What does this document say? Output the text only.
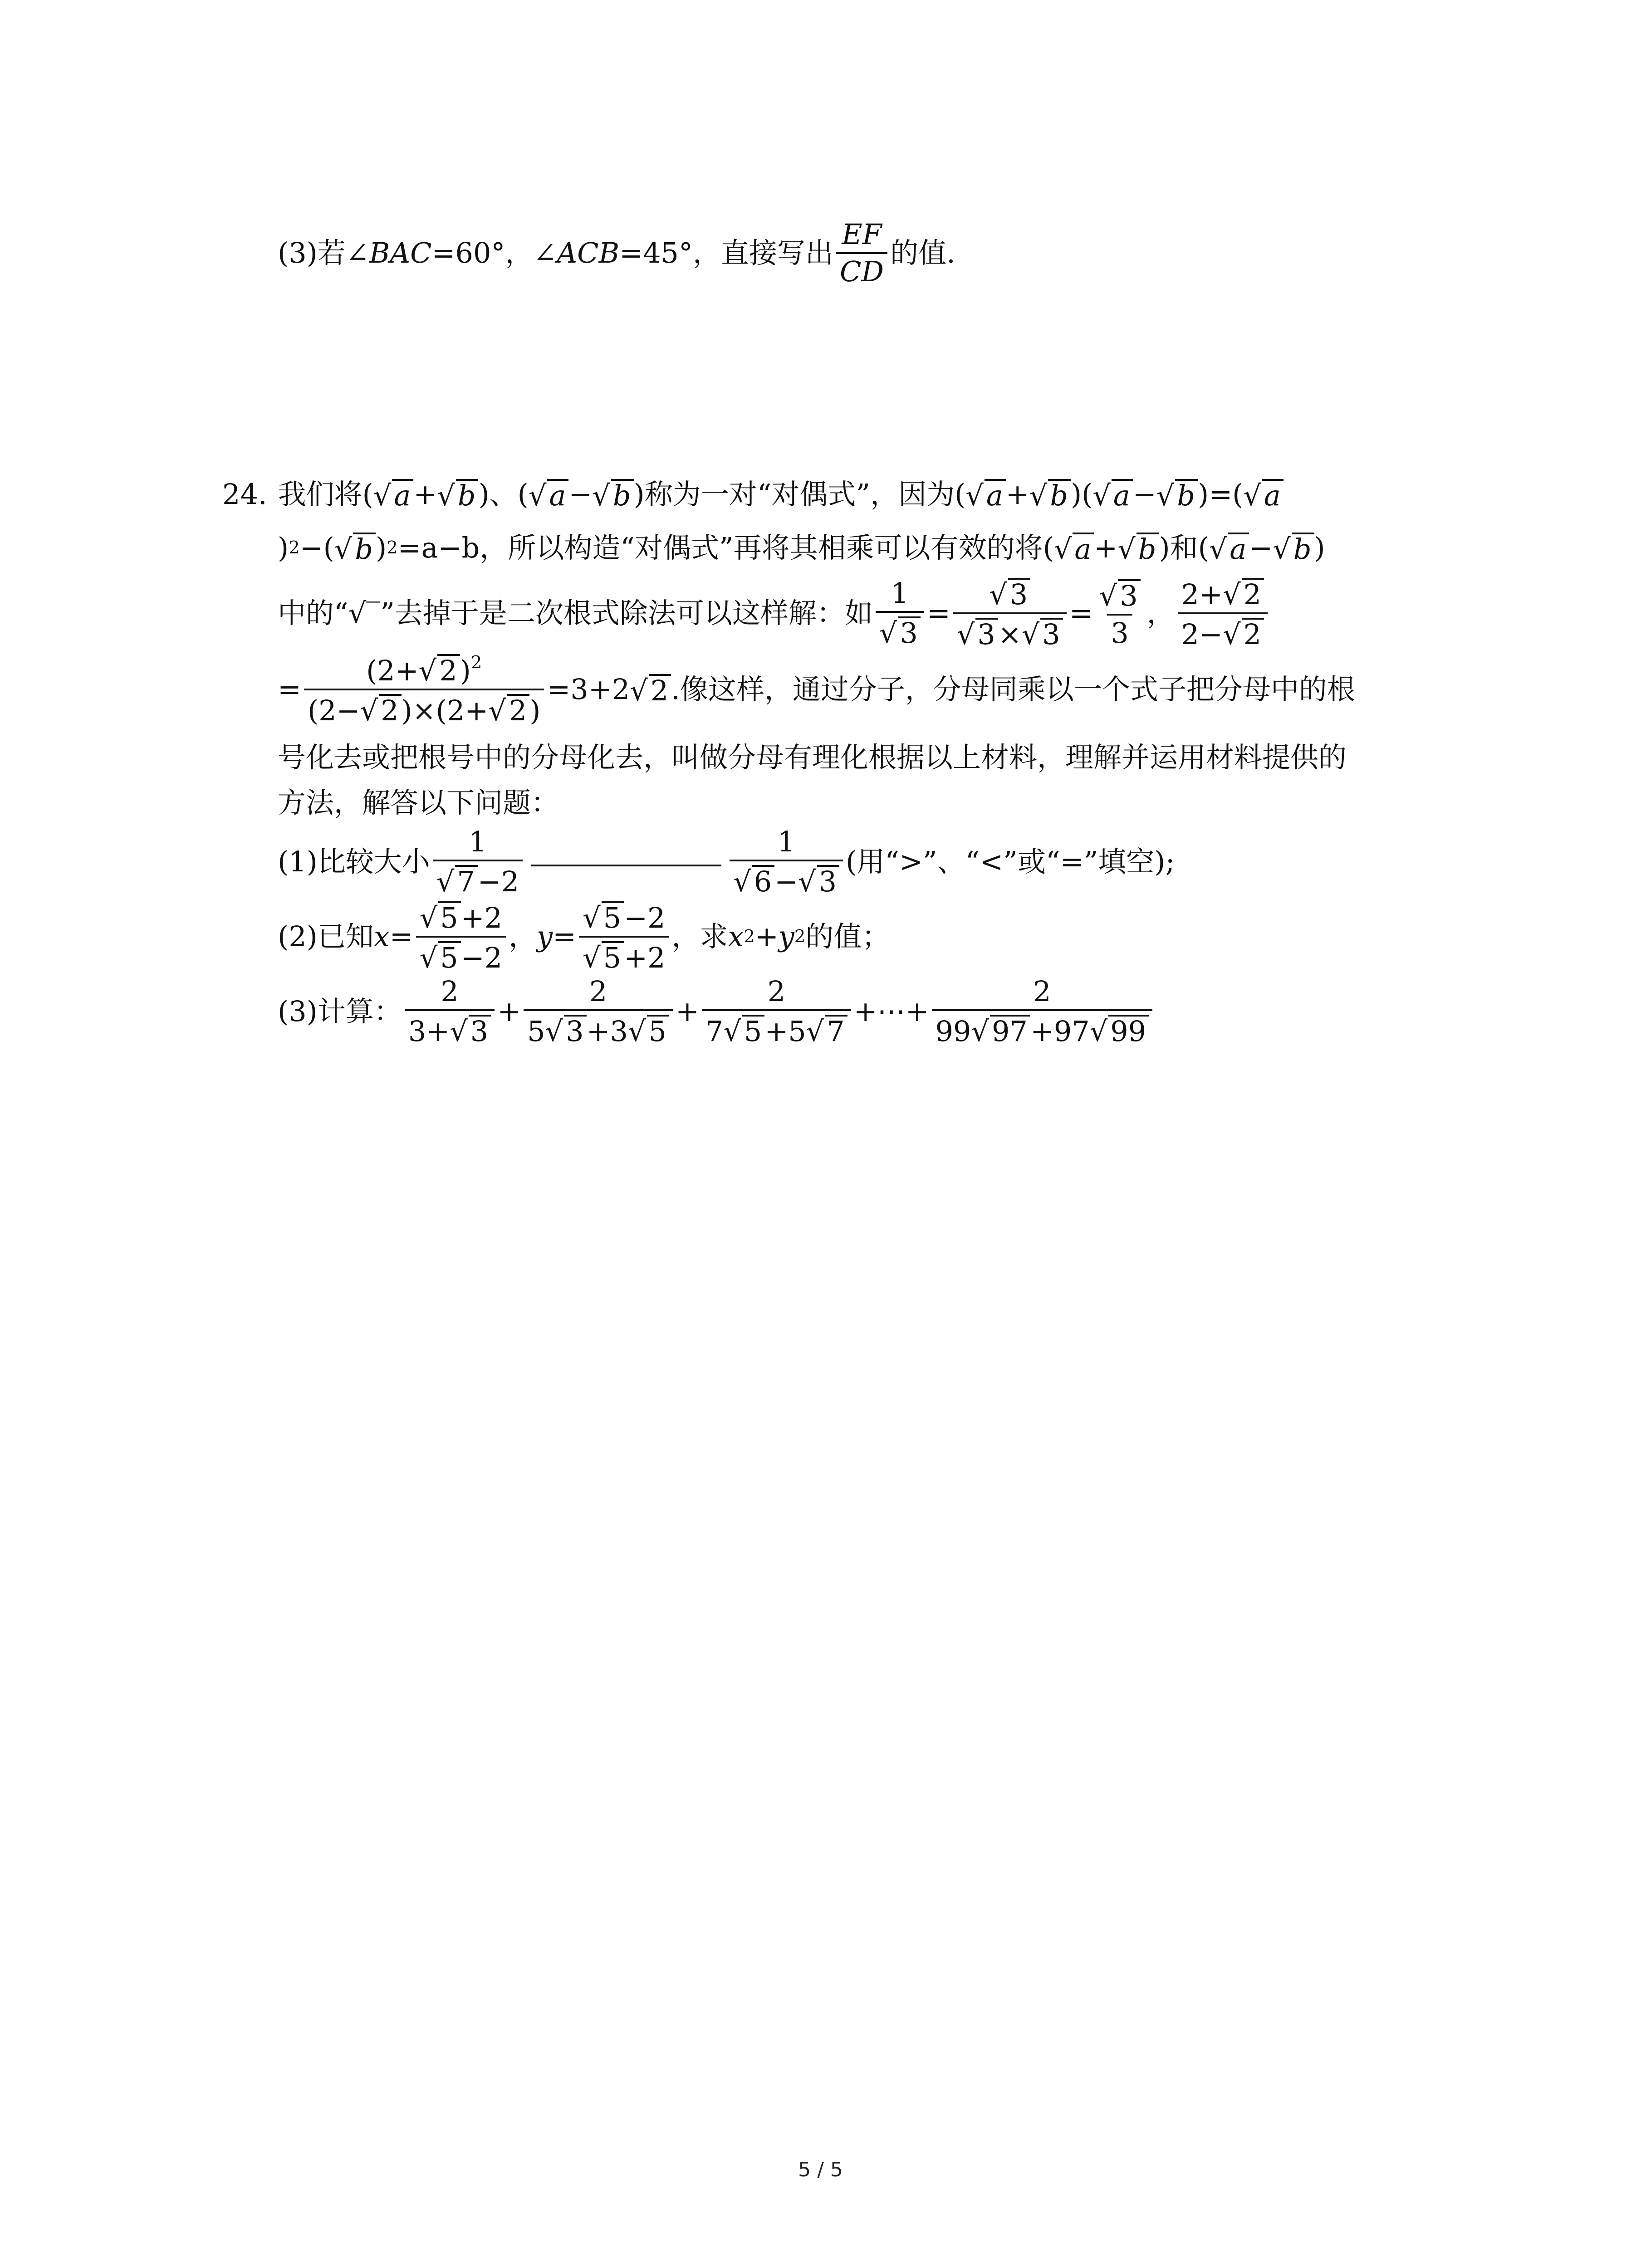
(3)若∠ BAC =60°，∠ ACB =45°，直接写出 $\frac{EF}{CD}$ 的值.
24. 我们将( √ a + √ b )、( √ a − √ b )称为一对“对偶式”，因为( √ a + √ b )( √ a − √ b )=( √ a
) 2 −( √ b ) 2 =a−b，所以构造“对偶式”再将其相乘可以有效的将( √ a + √ b )和( √ a − √ b )
中的“√‾”去掉于是二次根式除法可以这样解：如 $\frac{1}{√ 3} = \frac{√ 3}{√ 3 \times √ 3} = \frac{√ 3}{3}$ ， $\frac{2+ √ 2}{2- √ 2}$
= $\frac{(2+ √ 2 )^2}{(2- √ 2 )\times(2+ √ 2 )} =3+2$ √ 2 .像这样，通过分子，分母同乘以一个式子把分母中的根
号化去或把根号中的分母化去，叫做分母有理化根据以上材料，理解并运用材料提供的
方法，解答以下问题：
(1)比较大小 $\frac{1}{√ 7 -2}$	$\frac{1}{√ 6 - √ 3}$ (用“>”、“<”或“=”填空);
(2)已知 $x = \frac{√ 5 +2}{√ 5 -2}$ ， $y = \frac{√ 5 -2}{√ 5 +2}$ ，求 x 2 + y 2 的值；
(3)计算： $\frac{2}{3+ √ 3} + \frac{2}{5 √ 3 +3 √ 5} + \frac{2}{7 √ 5 +5 √ 7}$ +⋯+ $\frac{2}{99 √ 97 +97 √ 99}$
5 / 5
